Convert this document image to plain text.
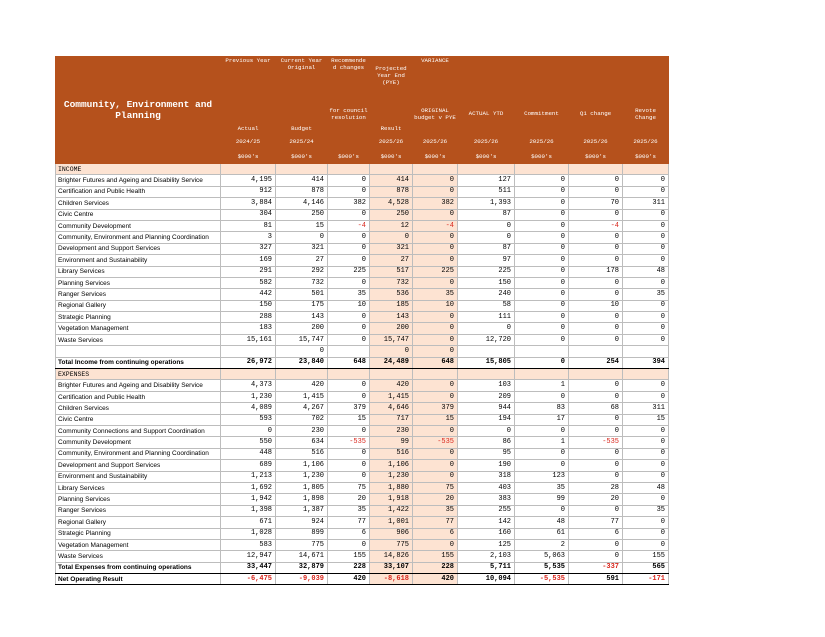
Community, Environment and Planning	Previous Year	Current Year Original	Recommende d changes	Projected Year End (PYE)	VARIANCE				
	Actual	Budget	for council resolution	Result	ORIGINAL budget v PYE	ACTUAL YTD	Commitment	Q1 change	Revote Change
	2024/25	2025/24		2025/26	2025/26	2025/26	2025/26	2025/26	2025/26
	$000's	$000's	$000's	$000's	$000's	$000's	$000's	$000's	$000's
INCOME									
Brighter Futures and Ageing and Disability Service	4,195	414	0	414	0	127	0	0	0
Certification and Public Health	912	878	0	878	0	511	0	0	0
Children Services	3,884	4,146	382	4,528	382	1,393	0	70	311
Civic Centre	304	250	0	250	0	87	0	0	0
Community Development	81	15	-4	12	-4	0	0	-4	0
Community, Environment and Planning Coordination	3	0	0	0	0	0	0	0	0
Development and Support Services	327	321	0	321	0	87	0	0	0
Environment and Sustainability	169	27	0	27	0	97	0	0	0
Library Services	291	292	225	517	225	225	0	178	48
Planning Services	582	732	0	732	0	150	0	0	0
Ranger Services	442	501	35	536	35	240	0	0	35
Regional Gallery	150	175	10	185	10	58	0	10	0
Strategic Planning	288	143	0	143	0	111	0	0	0
Vegetation Management	183	200	0	200	0	0	0	0	0
Waste Services	15,161	15,747	0	15,747	0	12,720	0	0	0
		0		0	0				
Total Income from continuing operations	26,972	23,840	648	24,489	648	15,805	0	254	394
EXPENSES									
Brighter Futures and Ageing and Disability Service	4,373	420	0	420	0	103	1	0	0
Certification and Public Health	1,230	1,415	0	1,415	0	209	0	0	0
Children Services	4,089	4,267	379	4,646	379	944	83	68	311
Civic Centre	593	702	15	717	15	194	17	0	15
Community Connections and Support Coordination	0	230	0	230	0	0	0	0	0
Community Development	550	634	-535	99	-535	86	1	-535	0
Community, Environment and Planning Coordination	448	516	0	516	0	95	0	0	0
Development and Support Services	689	1,106	0	1,106	0	190	0	0	0
Environment and Sustainability	1,213	1,230	0	1,230	0	318	123	0	0
Library Services	1,692	1,805	75	1,880	75	403	35	28	48
Planning Services	1,942	1,898	20	1,918	20	383	99	20	0
Ranger Services	1,398	1,387	35	1,422	35	255	0	0	35
Regional Gallery	671	924	77	1,001	77	142	48	77	0
Strategic Planning	1,028	899	6	906	6	160	61	6	0
Vegetation Management	583	775	0	775	0	125	2	0	0
Waste Services	12,947	14,671	155	14,826	155	2,103	5,063	0	155
Total Expenses from continuing operations	33,447	32,879	228	33,107	228	5,711	5,535	-337	565
Net Operating Result	-6,475	-9,039	420	-8,618	420	10,094	-5,535	591	-171
